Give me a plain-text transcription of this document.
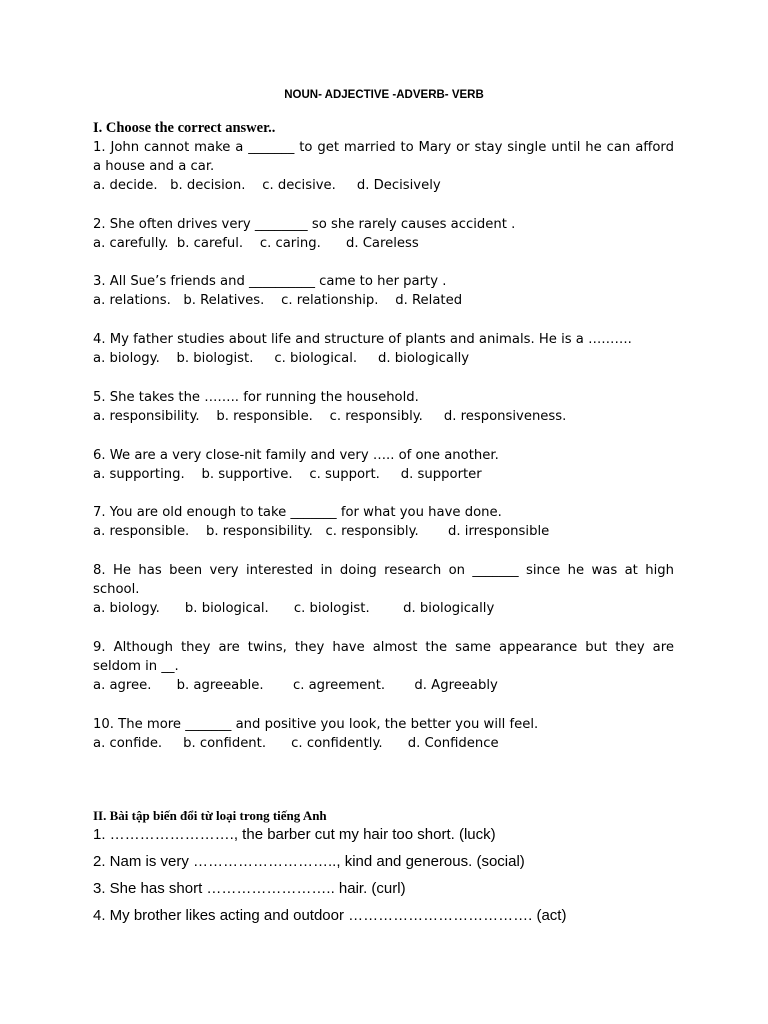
NOUN- ADJECTIVE -ADVERB- VERB
I. Choose the correct answer..
1. John cannot make a _______ to get married to Mary or stay single until he can afford a house and a car.
a. decide.   b. decision.    c. decisive.     d. Decisively
2. She often drives very ________ so she rarely causes accident .
a. carefully.  b. careful.    c. caring.      d. Careless
3. All Sue’s friends and __________ came to her party .
a. relations.   b. Relatives.    c. relationship.    d. Related
4. My father studies about life and structure of plants and animals. He is a ……….
a. biology.    b. biologist.     c. biological.     d. biologically
5. She takes the …….. for running the household.
a. responsibility.    b. responsible.    c. responsibly.     d. responsiveness.
6. We are a very close-nit family and very ….. of one another.
a. supporting.    b. supportive.    c. support.     d. supporter
7. You are old enough to take _______ for what you have done.
a. responsible.    b. responsibility.   c. responsibly.       d. irresponsible
8. He has been very interested in doing research on _______ since he was at high school.
a. biology.      b. biological.      c. biologist.        d. biologically
9. Although they are twins, they have almost the same appearance but they are seldom in __.
a. agree.      b. agreeable.       c. agreement.       d. Agreeably
10. The more _______ and positive you look, the better you will feel.
a. confide.     b. confident.      c. confidently.      d. Confidence
II. Bài tập biến đổi từ loại trong tiếng Anh
1. ……………………., the barber cut my hair too short. (luck)
2. Nam is very ……………………….., kind and generous. (social)
3. She has short …………………….. hair. (curl)
4. My brother likes acting and outdoor ………………………………. (act)
